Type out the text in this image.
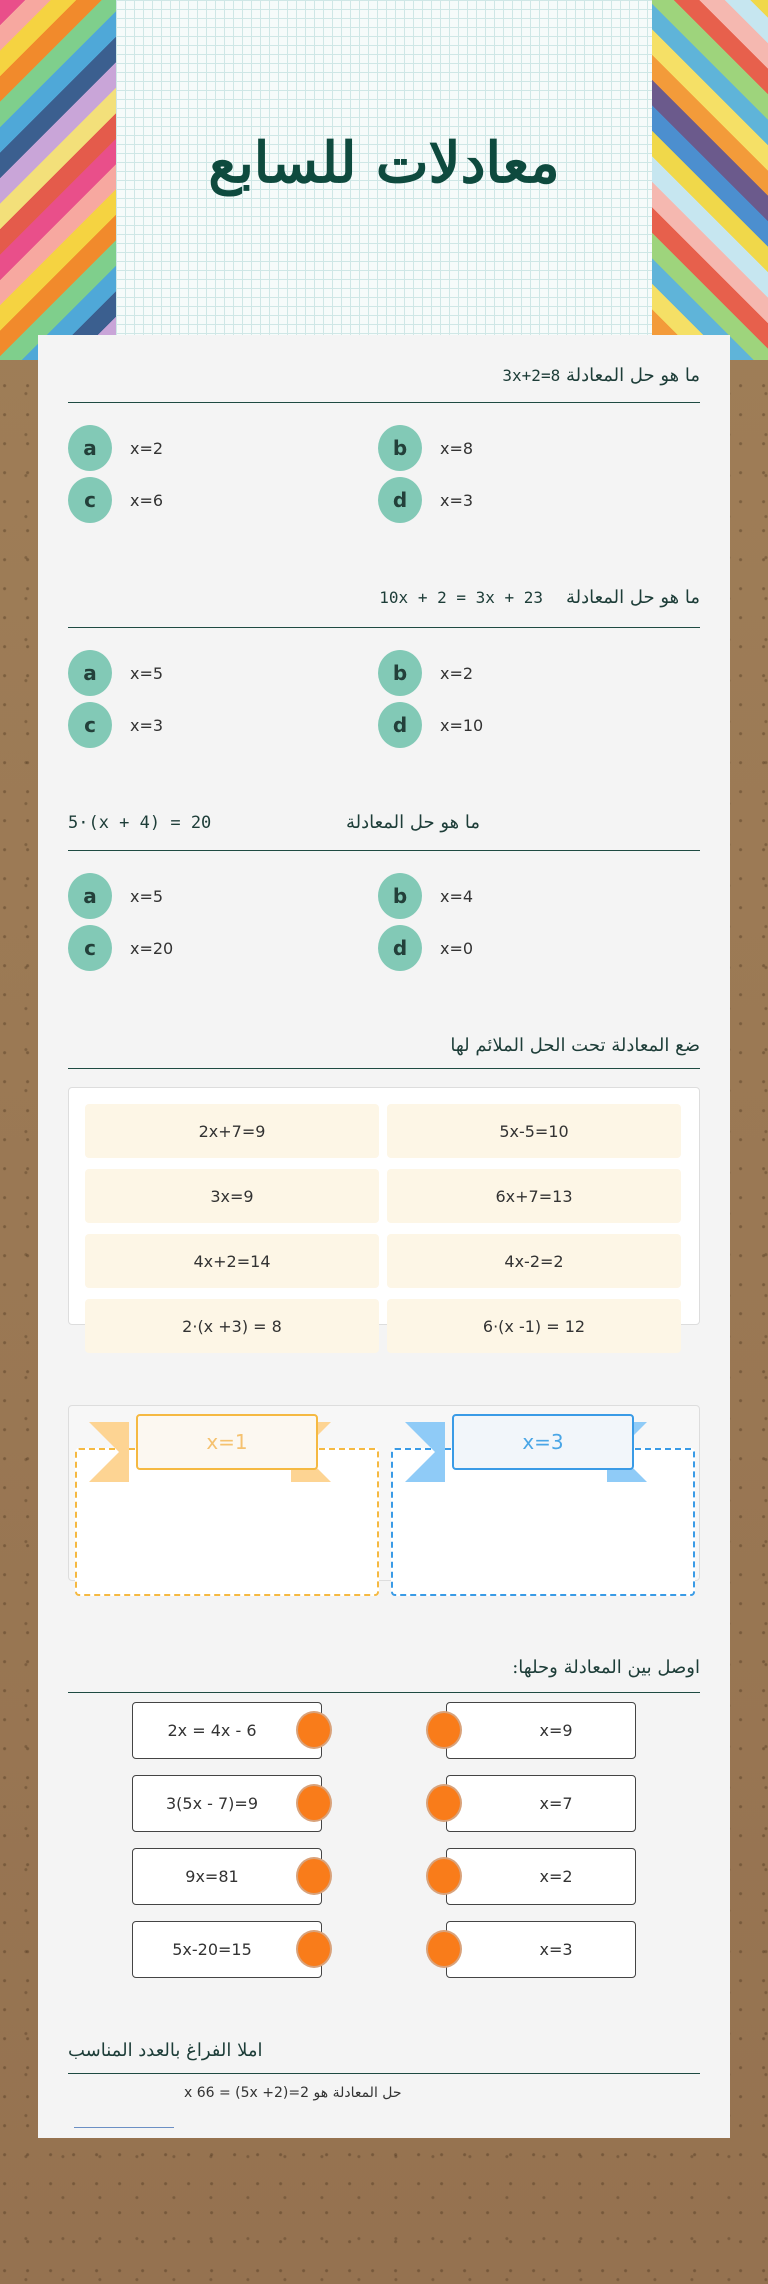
معادلات للسابع
ما هو حل المعادلة 3x+2=8
ما هو حل المعادلة    10x + 2 = 3x + 23
ما هو حل المعادلة
5·(x + 4) = 20
a	x=2	b	x=8
c	x=6	d	x=3
a	x=5	b	x=2
c	x=3	d	x=10
a	x=5	b	x=4
c	x=20	d	x=0
ضع المعادلة تحت الحل الملائم لها
2x+7=9	5x-5=10
3x=9	6x+7=13
4x+2=14	4x-2=2
2·(x +3) = 8	6·(x -1) = 12
x=1	x=3
اوصل بين المعادلة وحلها:
2x = 4x - 6	x=9
3(5x - 7)=9	x=7
9x=81	x=2
5x-20=15	x=3
املا الفراغ بالعدد المناسب
حل المعادلة هو 2=x 66 = (5x +2)
